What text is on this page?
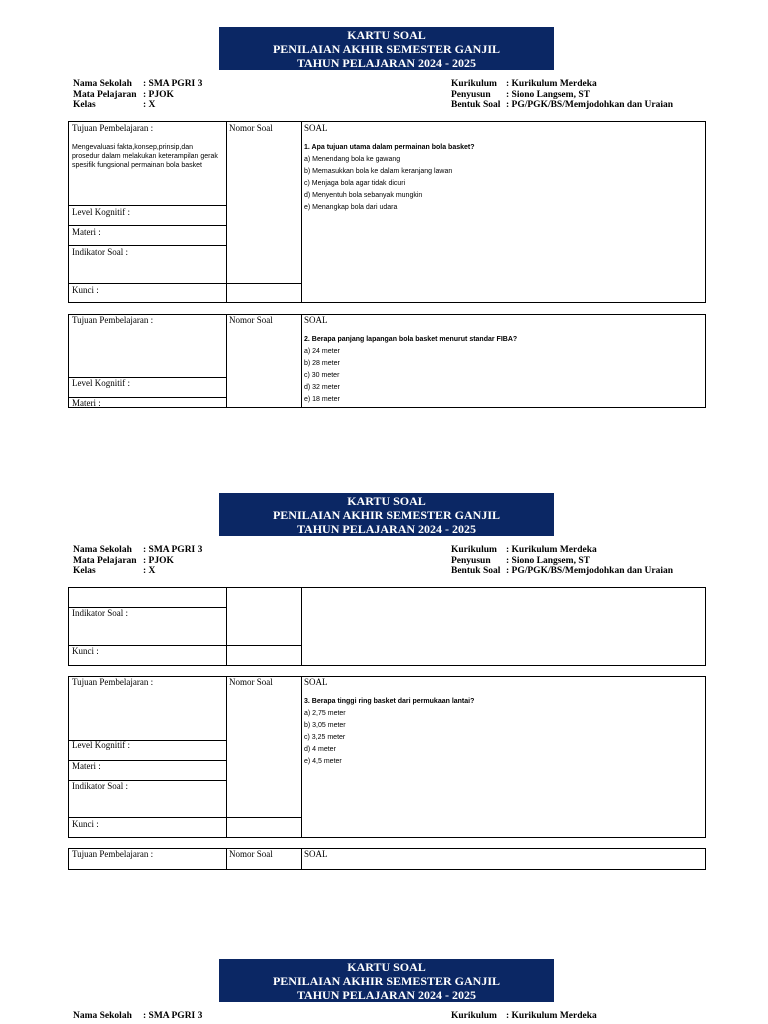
KARTU SOAL
PENILAIAN AKHIR SEMESTER GANJIL
TAHUN PELAJARAN 2024 - 2025
Nama Sekolah	: SMA PGRI 3
Mata Pelajaran : PJOK
Kelas	: X
Kurikulum : Kurikulum Merdeka
Penyusun	: Siono Langsem, ST
Bentuk Soal : PG/PGK/BS/Memjodohkan dan Uraian
Tujuan Pembelajaran :
Mengevaluasi fakta,konsep,prinsip,dan prosedur dalam melakukan keterampilan gerak spesifik fungsional permainan bola basket
Nomor Soal	SOAL
Level Kognitif :
Materi :
Indikator Soal :
Kunci :
1. Apa tujuan utama dalam permainan bola basket?
a) Menendang bola ke gawang
b) Memasukkan bola ke dalam keranjang lawan
c) Menjaga bola agar tidak dicuri
d) Menyentuh bola sebanyak mungkin
e) Menangkap bola dari udara
Tujuan Pembelajaran :	Nomor Soal	SOAL
Level Kognitif :
Materi :
2. Berapa panjang lapangan bola basket menurut standar FIBA?
a) 24 meter
b) 28 meter
c) 30 meter
d) 32 meter
e) 18 meter
KARTU SOAL
PENILAIAN AKHIR SEMESTER GANJIL
TAHUN PELAJARAN 2024 - 2025
Nama Sekolah	: SMA PGRI 3
Mata Pelajaran : PJOK
Kelas	: X
Kurikulum : Kurikulum Merdeka
Penyusun	: Siono Langsem, ST
Bentuk Soal : PG/PGK/BS/Memjodohkan dan Uraian
Indikator Soal :
Kunci :
Tujuan Pembelajaran :	Nomor Soal	SOAL
Level Kognitif :
Materi :
Indikator Soal :
Kunci :
3. Berapa tinggi ring basket dari permukaan lantai?
a) 2,75 meter
b) 3,05 meter
c) 3,25 meter
d) 4 meter
e) 4,5 meter
Tujuan Pembelajaran :	Nomor Soal	SOAL
KARTU SOAL
PENILAIAN AKHIR SEMESTER GANJIL
TAHUN PELAJARAN 2024 - 2025
Nama Sekolah	: SMA PGRI 3	Kurikulum : Kurikulum Merdeka
